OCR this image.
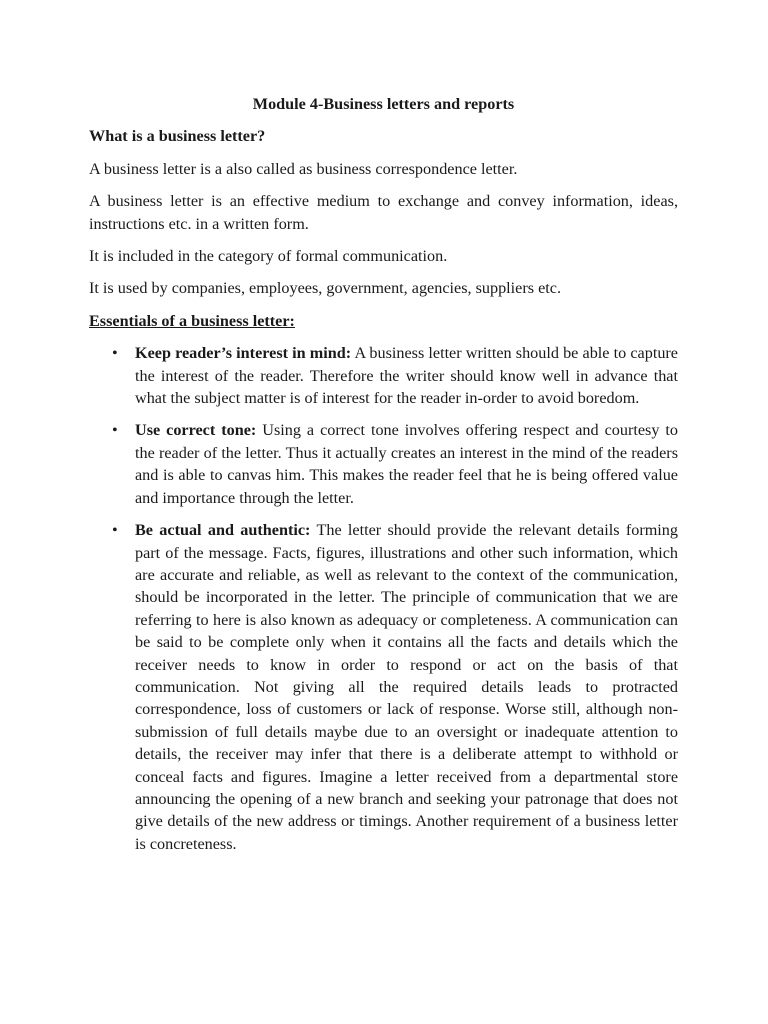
Module 4-Business letters and reports
What is a business letter?

A business letter is a also called as business correspondence letter.

A business letter is an effective medium to exchange and convey information, ideas, instructions etc. in a written form.

It is included in the category of formal communication.

It is used by companies, employees, government, agencies, suppliers etc.

Essentials of a business letter:
• Keep reader’s interest in mind: A business letter written should be able to capture the interest of the reader. Therefore the writer should know well in advance that what the subject matter is of interest for the reader in-order to avoid boredom.
• Use correct tone: Using a correct tone involves offering respect and courtesy to the reader of the letter. Thus it actually creates an interest in the mind of the readers and is able to canvas him. This makes the reader feel that he is being offered value and importance through the letter.
• Be actual and authentic: The letter should provide the relevant details forming part of the message. Facts, figures, illustrations and other such information, which are accurate and reliable, as well as relevant to the context of the communication, should be incorporated in the letter. The principle of communication that we are referring to here is also known as adequacy or completeness. A communication can be said to be complete only when it contains all the facts and details which the receiver needs to know in order to respond or act on the basis of that communication. Not giving all the required details leads to protracted correspondence, loss of customers or lack of response. Worse still, although non-submission of full details maybe due to an oversight or inadequate attention to details, the receiver may infer that there is a deliberate attempt to withhold or conceal facts and figures. Imagine a letter received from a departmental store announcing the opening of a new branch and seeking your patronage that does not give details of the new address or timings. Another requirement of a business letter is concreteness.
